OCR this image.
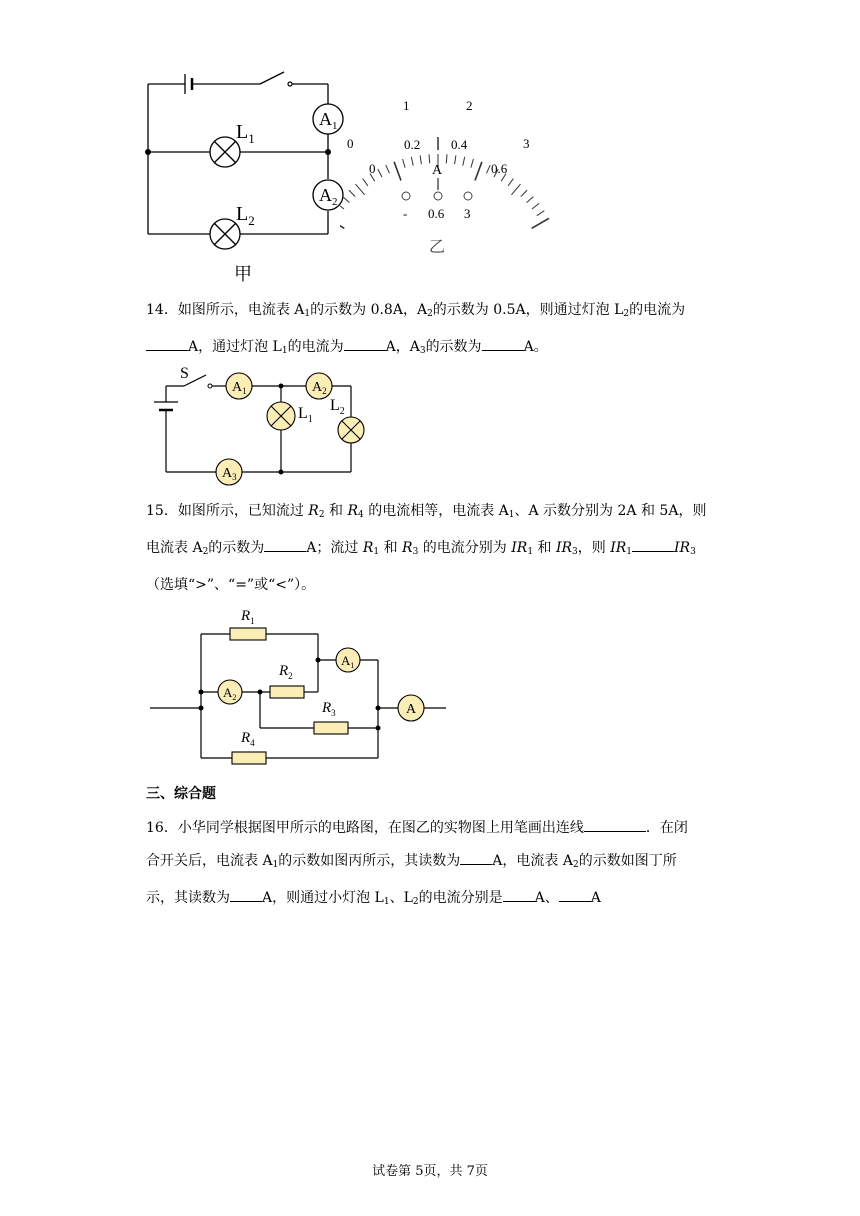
$L_1$
$L_2$
$A_1$
$A_2$
甲
0
1	2
3
0
0.2 0.4
0.6
A
- 0.6 3
乙

14．如图所示，电流表 $A_1$的示数为 0.8A，$A_2$的示数为 0.5A，则通过灯泡 $L_2$的电流为

A，通过灯泡 $L_1$的电流为	A，$A_3$的示数为	A。

S
$A_1$	$A_2$
$A_3$
$L_1$
$L_2$

15．如图所示，已知流过 $R_2$ 和 $R_4$ 的电流相等，电流表 $A_1$、A 示数分别为 2A 和 5A，则

电流表 $A_2$的示数为	A；流过 $R_1$ 和 $R_3$ 的电流分别为 $IR_1$ 和 $IR_3$，则 $IR_1$	$IR_3$

（选填“>”、“=”或“<”）。

$R_1$
$R_2$
$R_3$
$R_4$
$A_1$
$A_2$
A
三、综合题

16．小华同学根据图甲所示的电路图，在图乙的实物图上用笔画出连线	．在闭

合开关后，电流表 $A_1$的示数如图丙所示，其读数为 A，电流表 $A_2$的示数如图丁所

示，其读数为 A，则通过小灯泡 $L_1$、$L_2$的电流分别是 A、 A

试卷第 5页，共 7页
